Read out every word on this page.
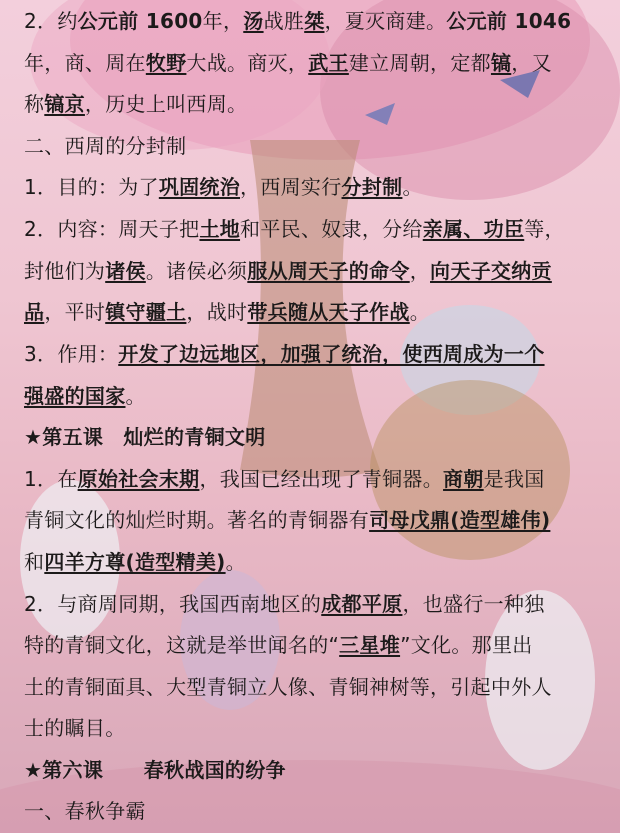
2．约公元前 1600年，汤战胜桀，夏灭商建。公元前 1046
年，商、周在牧野大战。商灭，武王建立周朝，定都镐，又
称镐京，历史上叫西周。
二、西周的分封制
1．目的：为了巩固统治，西周实行分封制。
2．内容：周天子把土地和平民、奴隶，分给亲属、功臣等，
封他们为诸侯。诸侯必须服从周天子的命令，向天子交纳贡
品，平时镇守疆土，战时带兵随从天子作战。
3．作用：开发了边远地区，加强了统治，使西周成为一个
强盛的国家。
★第五课　灿烂的青铜文明
1．在原始社会末期，我国已经出现了青铜器。商朝是我国
青铜文化的灿烂时期。著名的青铜器有司母戊鼎(造型雄伟)
和四羊方尊(造型精美)。
2．与商周同期，我国西南地区的成都平原，也盛行一种独
特的青铜文化，这就是举世闻名的“三星堆”文化。那里出
土的青铜面具、大型青铜立人像、青铜神树等，引起中外人
士的瞩目。
★第六课　　春秋战国的纷争
一、春秋争霸
